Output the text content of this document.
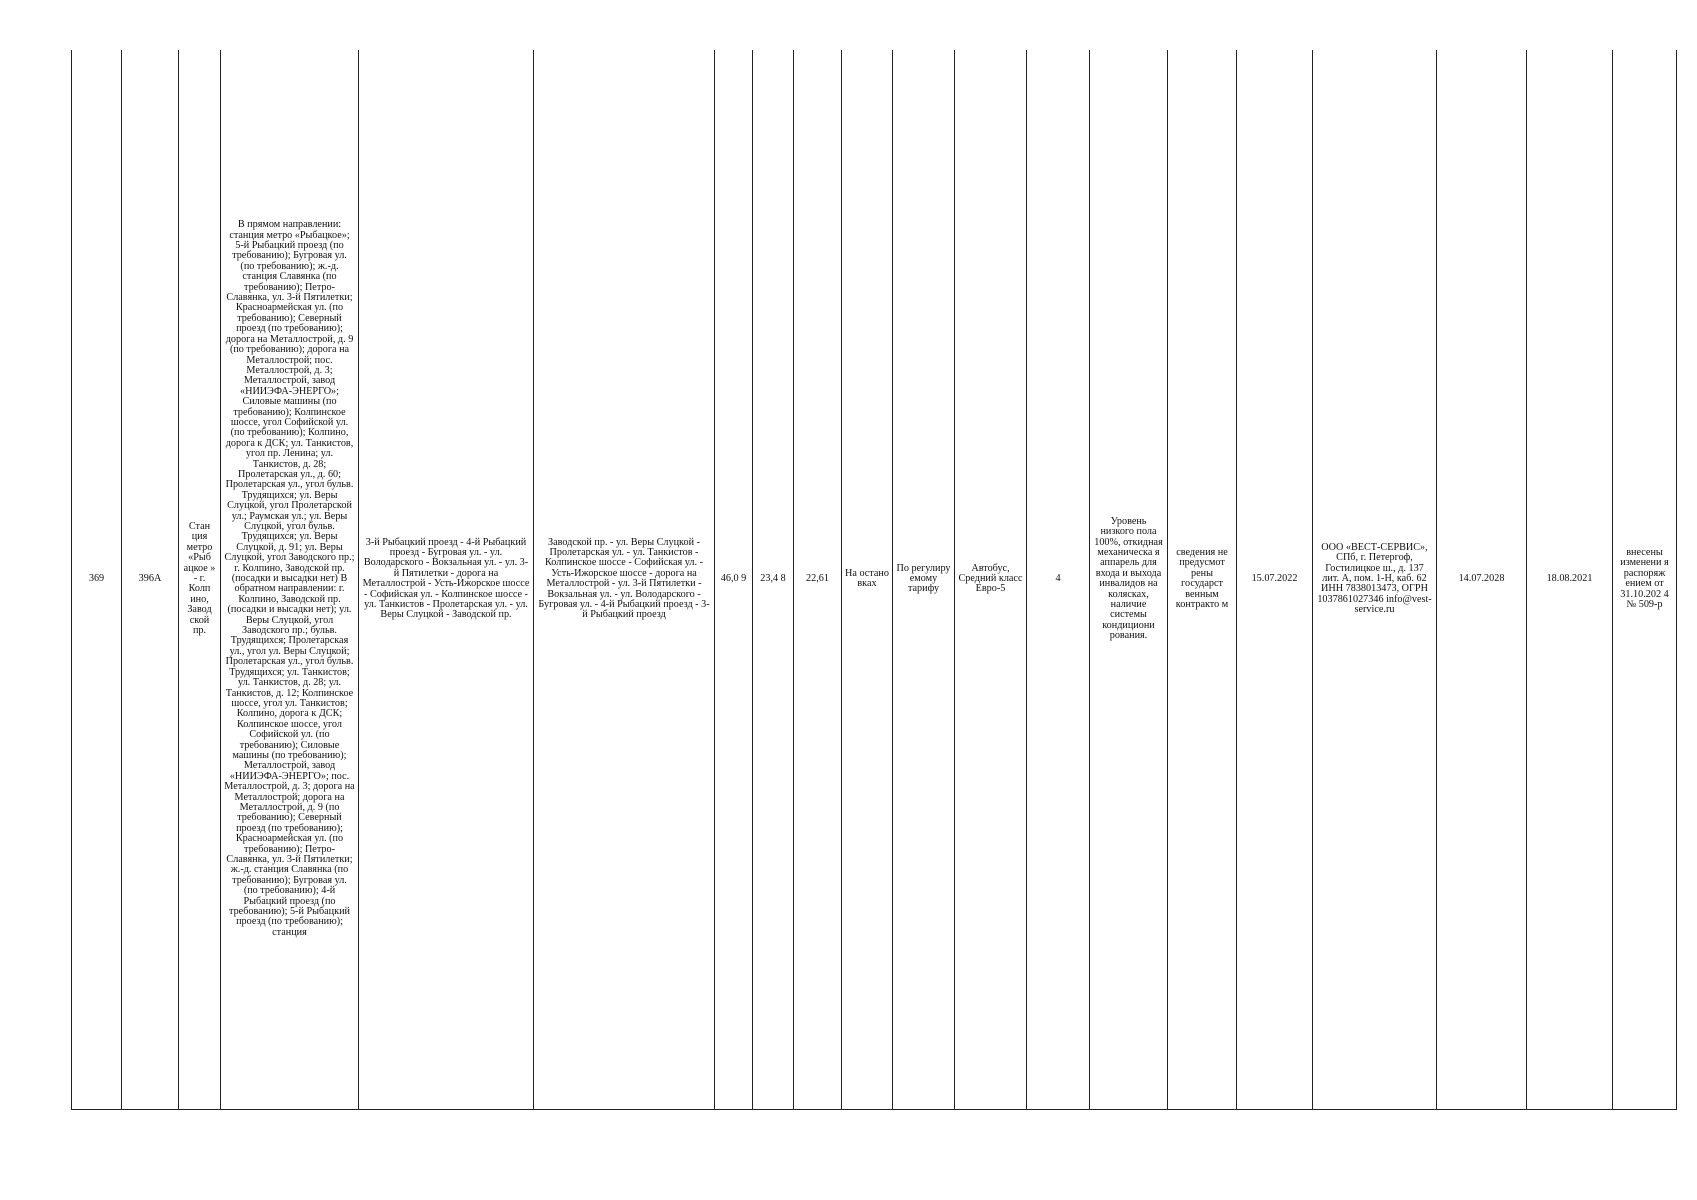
369	396А	Стан ция метро «Рыб ацкое » - г. Колп ино, Завод ской пр.	В прямом направлении: станция метро «Рыбацкое»; 5-й Рыбацкий проезд (по требованию); Бугровая ул. (по требованию); ж.-д. станция Славянка (по требованию); Петро-Славянка, ул. 3-й Пятилетки; Красноармейская ул. (по требованию); Северный проезд (по требованию); дорога на Металлострой, д. 9 (по требованию); дорога на Металлострой; пос. Металлострой, д. 3; Металлострой, завод «НИИЭФА-ЭНЕРГО»; Силовые машины (по требованию); Колпинское шоссе, угол Софийской ул. (по требованию); Колпино, дорога к ДСК; ул. Танкистов, угол пр. Ленина; ул. Танкистов, д. 28; Пролетарская ул., д. 60; Пролетарская ул., угол бульв. Трудящихся; ул. Веры Слуцкой, угол Пролетарской ул.; Раумская ул.; ул. Веры Слуцкой, угол бульв. Трудящихся; ул. Веры Слуцкой, д. 91; ул. Веры Слуцкой, угол Заводского пр.; г. Колпино, Заводской пр. (посадки и высадки нет) В обратном направлении: г. Колпино, Заводской пр. (посадки и высадки нет); ул. Веры Слуцкой, угол Заводского пр.; бульв. Трудящихся; Пролетарская ул., угол ул. Веры Слуцкой; Пролетарская ул., угол бульв. Трудящихся; ул. Танкистов; ул. Танкистов, д. 28; ул. Танкистов, д. 12; Колпинское шоссе, угол ул. Танкистов; Колпино, дорога к ДСК; Колпинское шоссе, угол Софийской ул. (по требованию); Силовые машины (по требованию); Металлострой, завод «НИИЭФА-ЭНЕРГО»; пос. Металлострой, д. 3; дорога на Металлострой; дорога на Металлострой, д. 9 (по требованию); Северный проезд (по требованию); Красноармейская ул. (по требованию); Петро-Славянка, ул. 3-й Пятилетки; ж.-д. станция Славянка (по требованию); Бугровая ул. (по требованию); 4-й Рыбацкий проезд (по требованию); 5-й Рыбацкий проезд (по требованию); станция	3-й Рыбацкий проезд - 4-й Рыбацкий проезд - Бугровая ул. - ул. Володарского - Вокзальная ул. - ул. 3-й Пятилетки - дорога на Металлострой - Усть-Ижорское шоссе - Софийская ул. - Колпинское шоссе - ул. Танкистов - Пролетарская ул. - ул. Веры Слуцкой - Заводской пр.	Заводской пр. - ул. Веры Слуцкой - Пролетарская ул. - ул. Танкистов - Колпинское шоссе - Софийская ул. - Усть-Ижорское шоссе - дорога на Металлострой - ул. 3-й Пятилетки - Вокзальная ул. - ул. Володарского - Бугровая ул. - 4-й Рыбацкий проезд - 3-й Рыбацкий проезд	46,0 9	23,4 8	22,61	На остано вках	По регулиру емому тарифу	Автобус, Средний класс Евро-5	4	Уровень низкого пола 100%, откидная механическа я аппарель для входа и выхода инвалидов на колясках, наличие системы кондициони рования.	сведения не предусмот рены государст венным контракто м	15.07.2022	ООО «ВЕСТ-СЕРВИС», СПб, г. Петергоф, Гостилицкое ш., д. 137 лит. А, пом. 1-Н, каб. 62 ИНН 7838013473, ОГРН 1037861027346 info@vest-service.ru	14.07.2028	18.08.2021	внесены изменени я распоряж ением от 31.10.202 4 № 509-р
